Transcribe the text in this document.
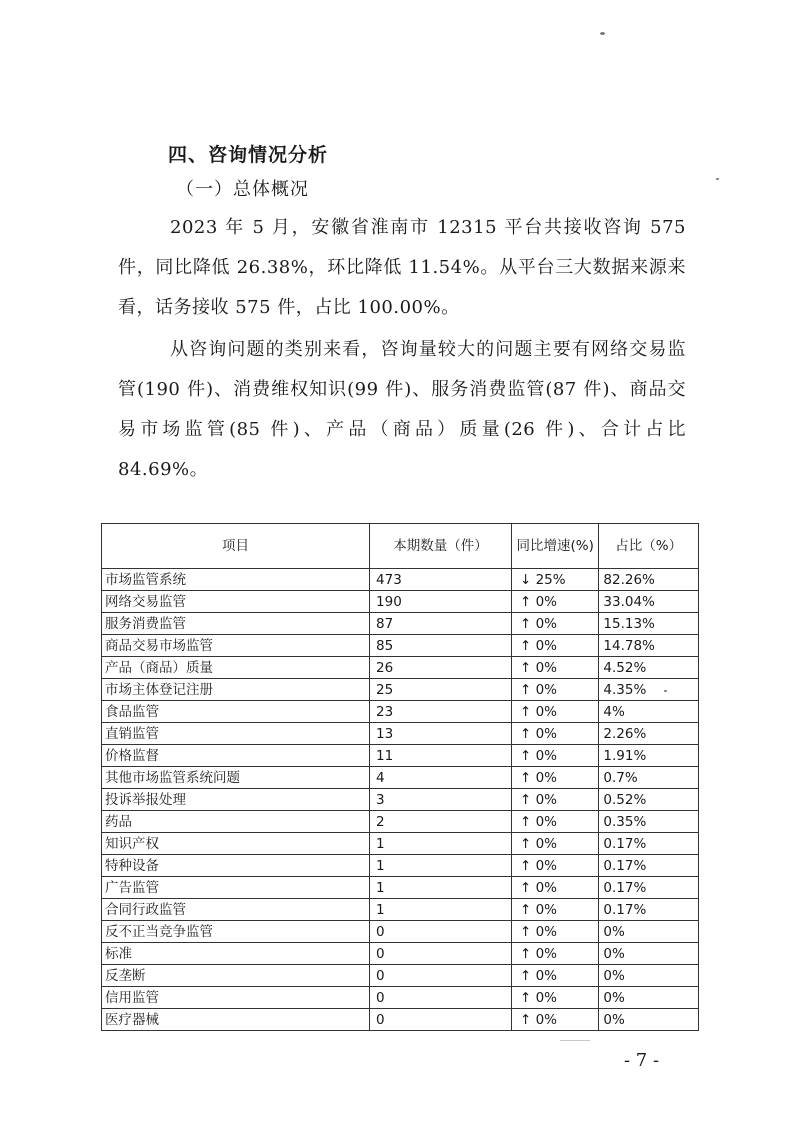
四、咨询情况分析
（一）总体概况

2023 年 5 月，安徽省淮南市 12315 平台共接收咨询 575 件，同比降低 26.38%，环比降低 11.54%。从平台三大数据来源来看，话务接收 575 件，占比 100.00%。

从咨询问题的类别来看，咨询量较大的问题主要有网络交易监管(190 件)、消费维权知识(99 件)、服务消费监管(87 件)、商品交易市场监管(85 件)、产品（商品）质量(26 件)、合计占比 84.69%。

项目	本期数量（件）	同比增速(%)	占比（%）
市场监管系统	473	↓ 25%	82.26%
网络交易监管	190	↑ 0%	33.04%
服务消费监管	87	↑ 0%	15.13%
商品交易市场监管	85	↑ 0%	14.78%
产品（商品）质量	26	↑ 0%	4.52%
市场主体登记注册	25	↑ 0%	4.35%
食品监管	23	↑ 0%	4%
直销监管	13	↑ 0%	2.26%
价格监督	11	↑ 0%	1.91%
其他市场监管系统问题	4	↑ 0%	0.7%
投诉举报处理	3	↑ 0%	0.52%
药品	2	↑ 0%	0.35%
知识产权	1	↑ 0%	0.17%
特种设备	1	↑ 0%	0.17%
广告监管	1	↑ 0%	0.17%
合同行政监管	1	↑ 0%	0.17%
反不正当竞争监管	0	↑ 0%	0%
标准	0	↑ 0%	0%
反垄断	0	↑ 0%	0%
信用监管	0	↑ 0%	0%
医疗器械	0	↑ 0%	0%
- 7 -
